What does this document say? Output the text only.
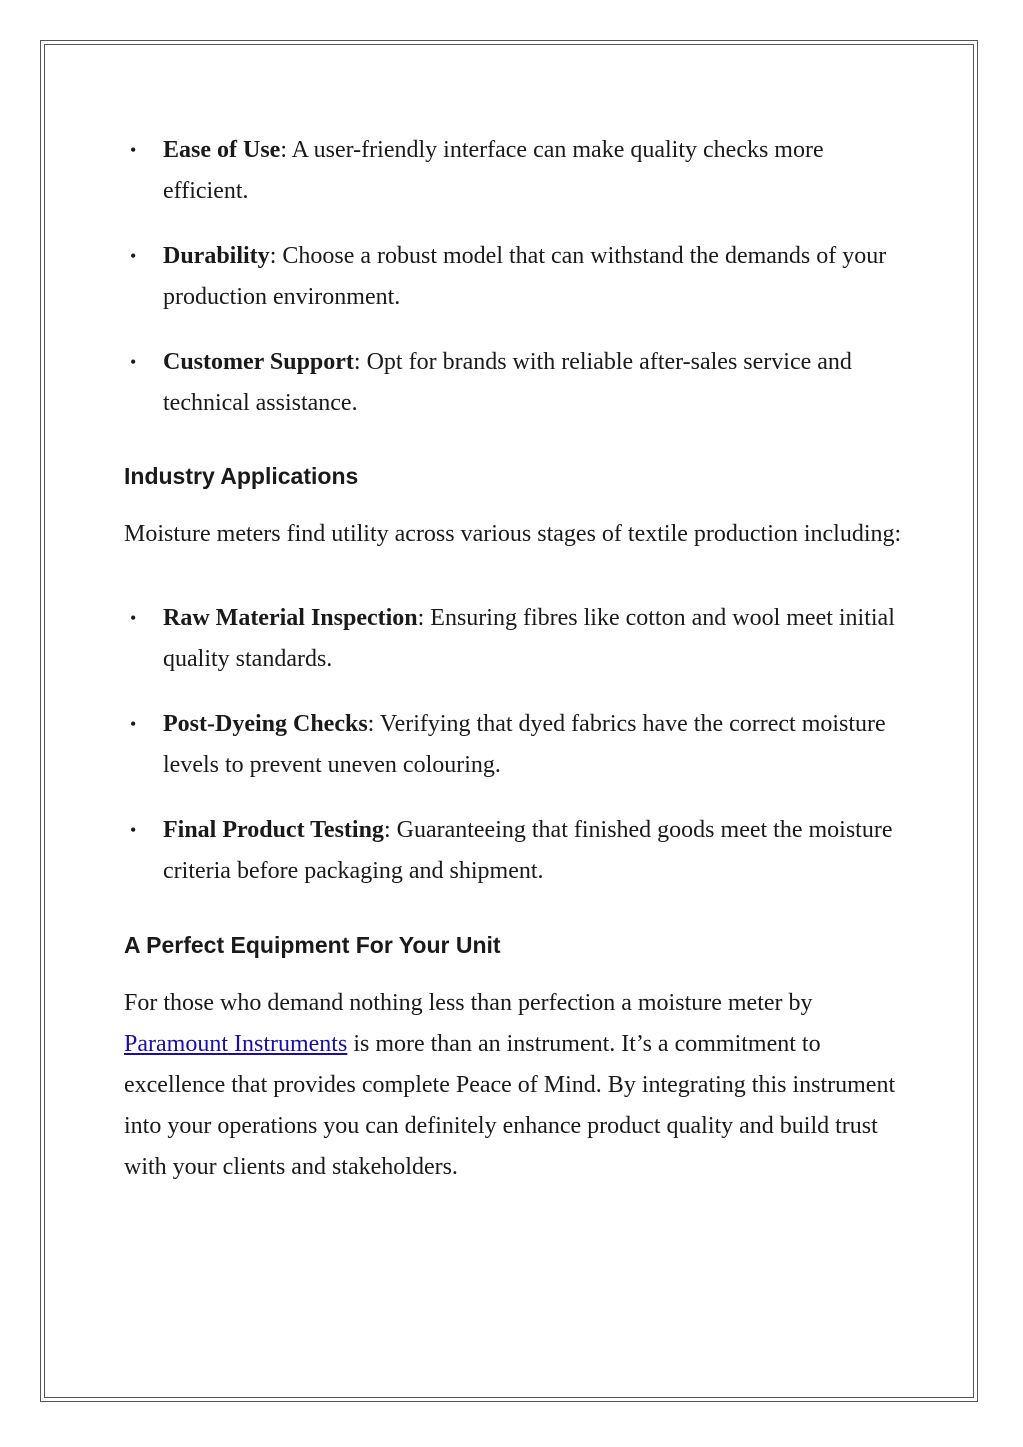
• Ease of Use: A user-friendly interface can make quality checks more efficient.
• Durability: Choose a robust model that can withstand the demands of your production environment.
• Customer Support: Opt for brands with reliable after-sales service and technical assistance.
Industry Applications

Moisture meters find utility across various stages of textile production including:

• Raw Material Inspection: Ensuring fibres like cotton and wool meet initial quality standards.
• Post-Dyeing Checks: Verifying that dyed fabrics have the correct moisture levels to prevent uneven colouring.
• Final Product Testing: Guaranteeing that finished goods meet the moisture criteria before packaging and shipment.
A Perfect Equipment For Your Unit

For those who demand nothing less than perfection a moisture meter by Paramount Instruments is more than an instrument. It’s a commitment to excellence that provides complete Peace of Mind. By integrating this instrument into your operations you can definitely enhance product quality and build trust with your clients and stakeholders.
